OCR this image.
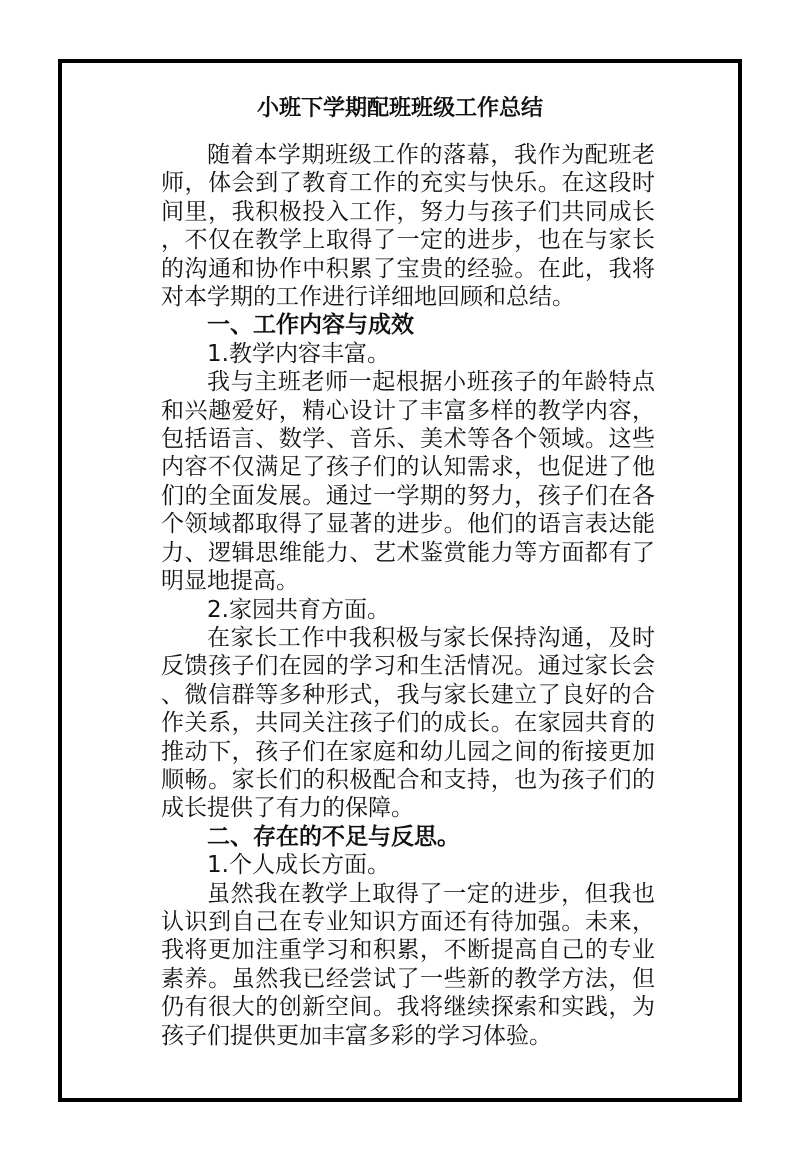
小班下学期配班班级工作总结

随着本学期班级工作的落幕，我作为配班老师，体会到了教育工作的充实与快乐。在这段时间里，我积极投入工作，努力与孩子们共同成长，不仅在教学上取得了一定的进步，也在与家长的沟通和协作中积累了宝贵的经验。在此，我将对本学期的工作进行详细地回顾和总结。

一、工作内容与成效

1.教学内容丰富。

我与主班老师一起根据小班孩子的年龄特点和兴趣爱好，精心设计了丰富多样的教学内容，包括语言、数学、音乐、美术等各个领域。这些内容不仅满足了孩子们的认知需求，也促进了他们的全面发展。通过一学期的努力，孩子们在各个领域都取得了显著的进步。他们的语言表达能力、逻辑思维能力、艺术鉴赏能力等方面都有了明显地提高。

2.家园共育方面。

在家长工作中我积极与家长保持沟通，及时反馈孩子们在园的学习和生活情况。通过家长会、微信群等多种形式，我与家长建立了良好的合作关系，共同关注孩子们的成长。在家园共育的推动下，孩子们在家庭和幼儿园之间的衔接更加顺畅。家长们的积极配合和支持，也为孩子们的成长提供了有力的保障。

二、存在的不足与反思。

1.个人成长方面。

虽然我在教学上取得了一定的进步，但我也认识到自己在专业知识方面还有待加强。未来，我将更加注重学习和积累，不断提高自己的专业素养。虽然我已经尝试了一些新的教学方法，但仍有很大的创新空间。我将继续探索和实践，为孩子们提供更加丰富多彩的学习体验。
